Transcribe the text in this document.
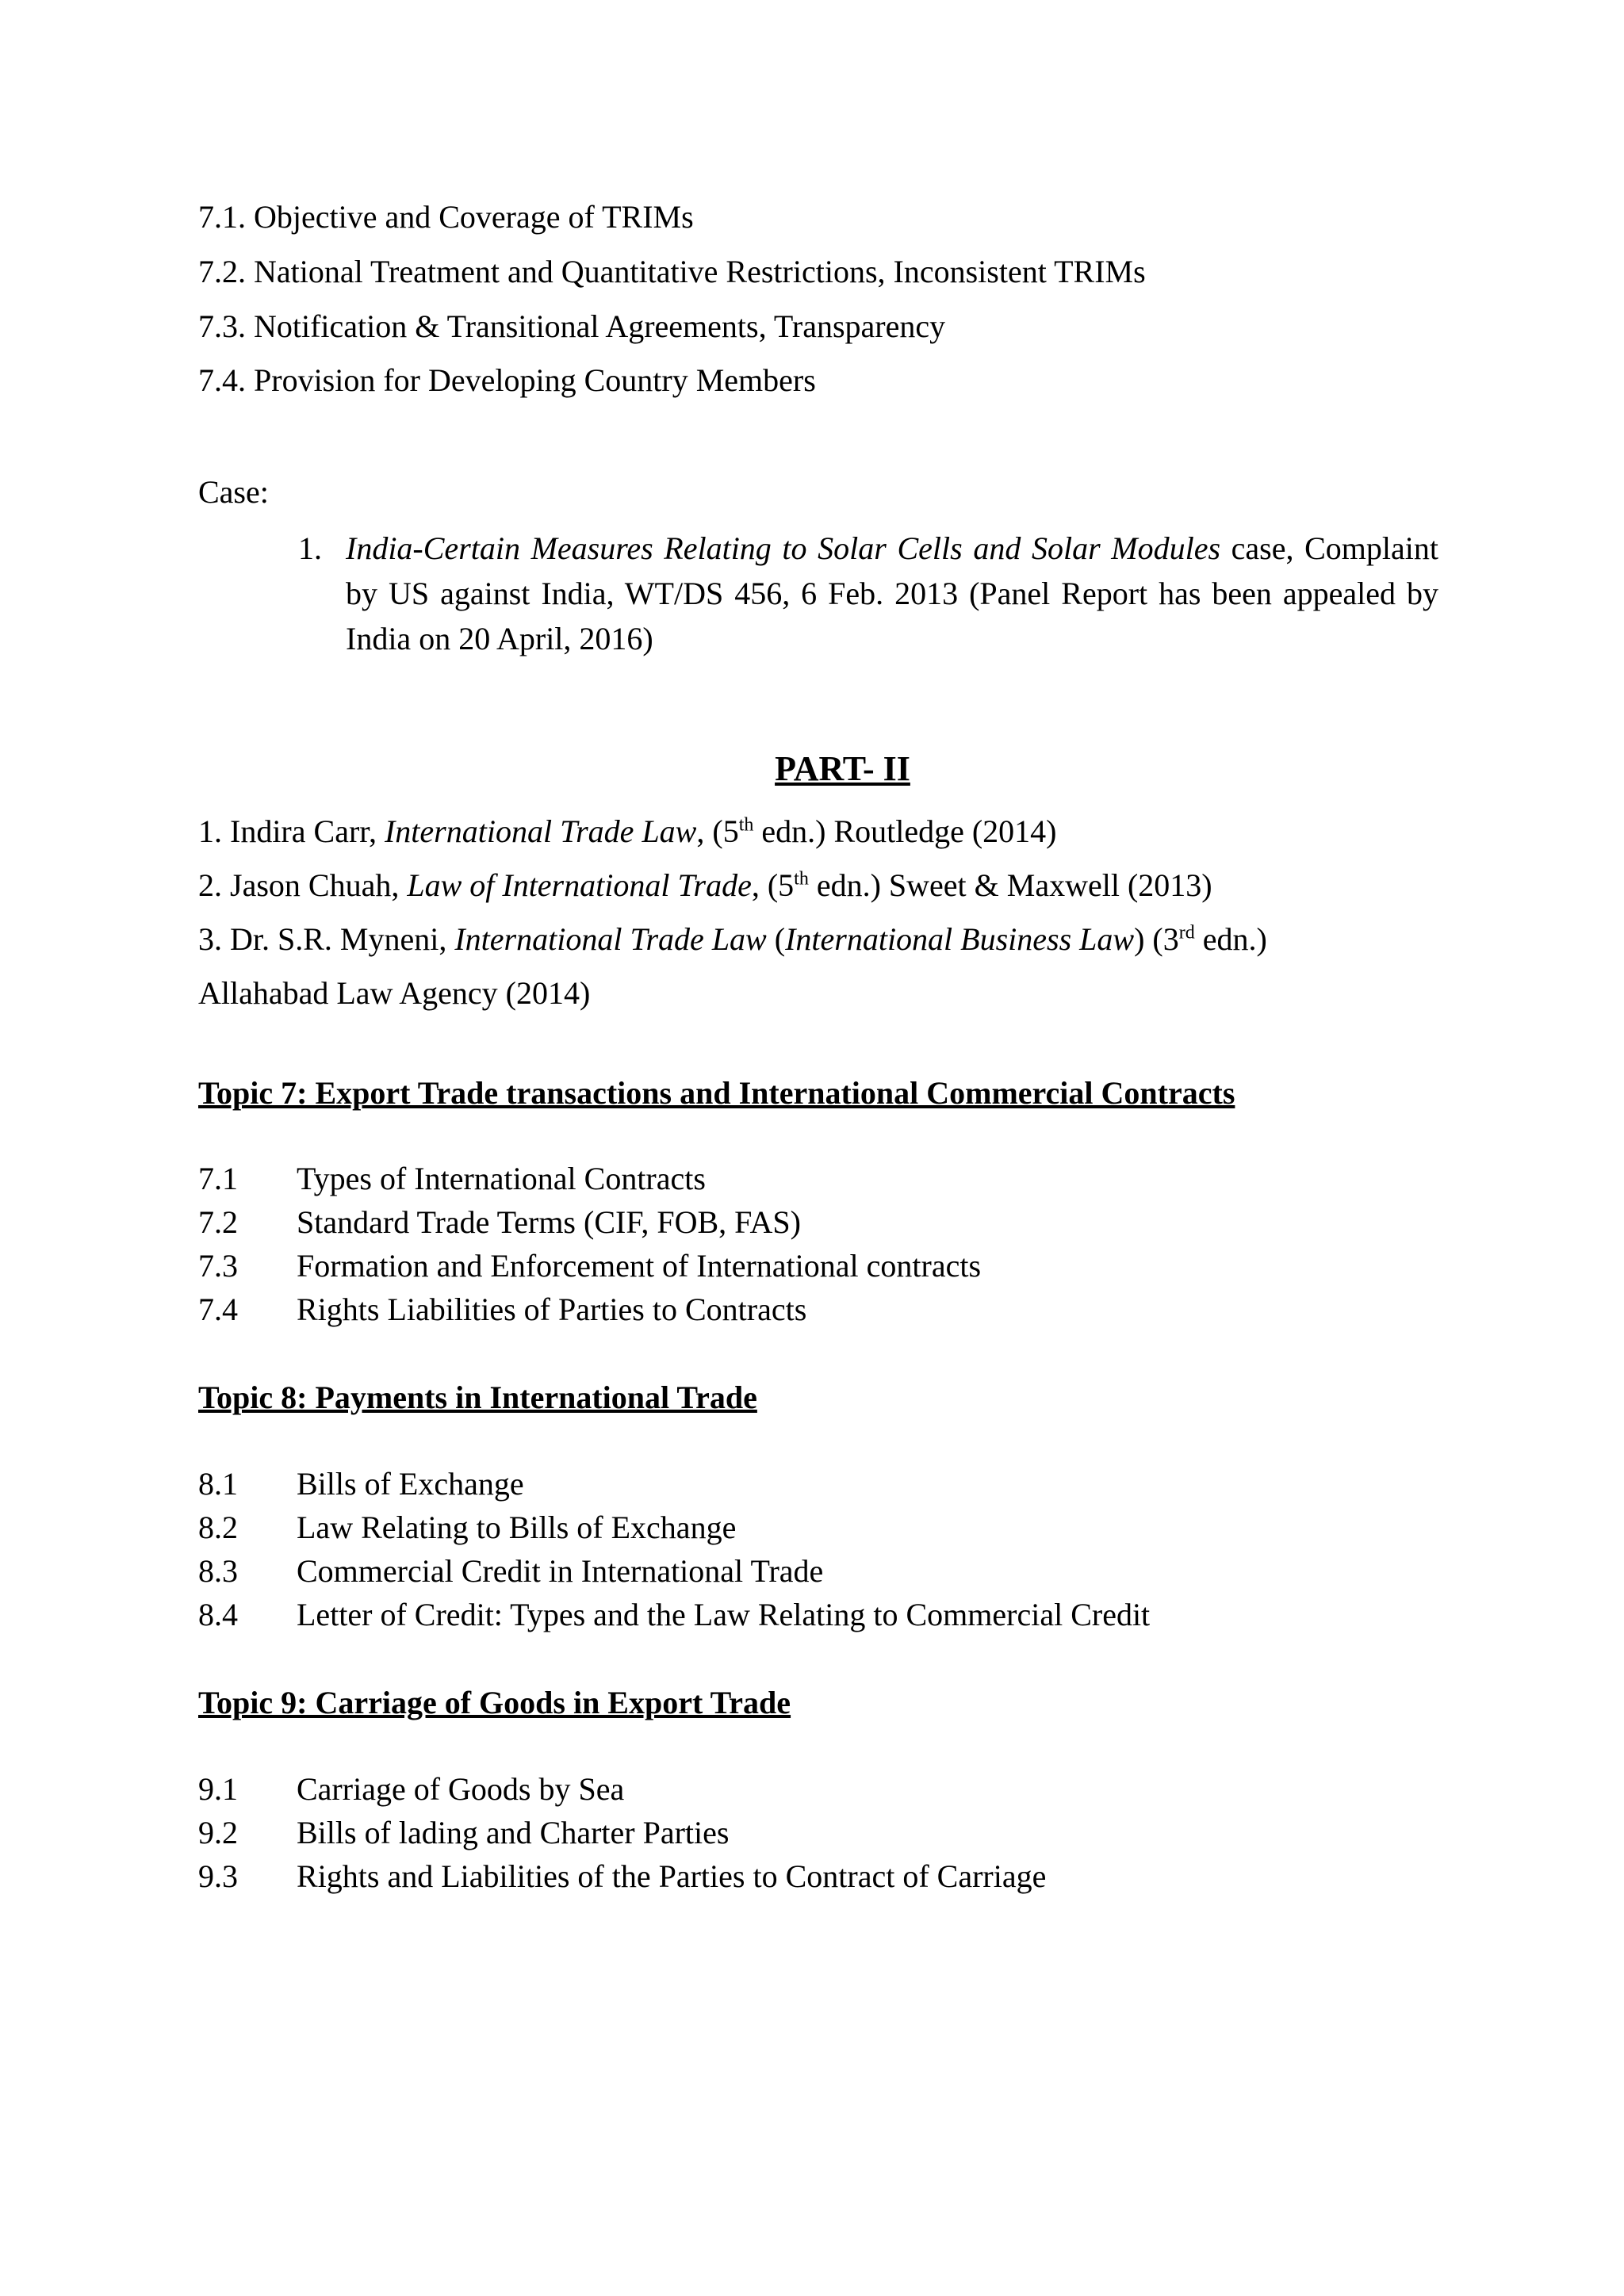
7.1. Objective and Coverage of TRIMs
7.2. National Treatment and Quantitative Restrictions, Inconsistent TRIMs
7.3. Notification & Transitional Agreements, Transparency
7.4. Provision for Developing Country Members
Case:
1. India-Certain Measures Relating to Solar Cells and Solar Modules case, Complaint by US against India, WT/DS 456, 6 Feb. 2013 (Panel Report has been appealed by India on 20 April, 2016)
PART- II
1. Indira Carr, International Trade Law, (5th edn.) Routledge (2014)
2. Jason Chuah, Law of International Trade, (5th edn.) Sweet & Maxwell (2013)
3. Dr. S.R. Myneni, International Trade Law (International Business Law) (3rd edn.)
Allahabad Law Agency (2014)
Topic 7: Export Trade transactions and International Commercial Contracts
7.1 Types of International Contracts
7.2 Standard Trade Terms (CIF, FOB, FAS)
7.3 Formation and Enforcement of International contracts
7.4 Rights Liabilities of Parties to Contracts
Topic 8: Payments in International Trade
8.1 Bills of Exchange
8.2 Law Relating to Bills of Exchange
8.3 Commercial Credit in International Trade
8.4 Letter of Credit: Types and the Law Relating to Commercial Credit
Topic 9: Carriage of Goods in Export Trade
9.1 Carriage of Goods by Sea
9.2 Bills of lading and Charter Parties
9.3 Rights and Liabilities of the Parties to Contract of Carriage
